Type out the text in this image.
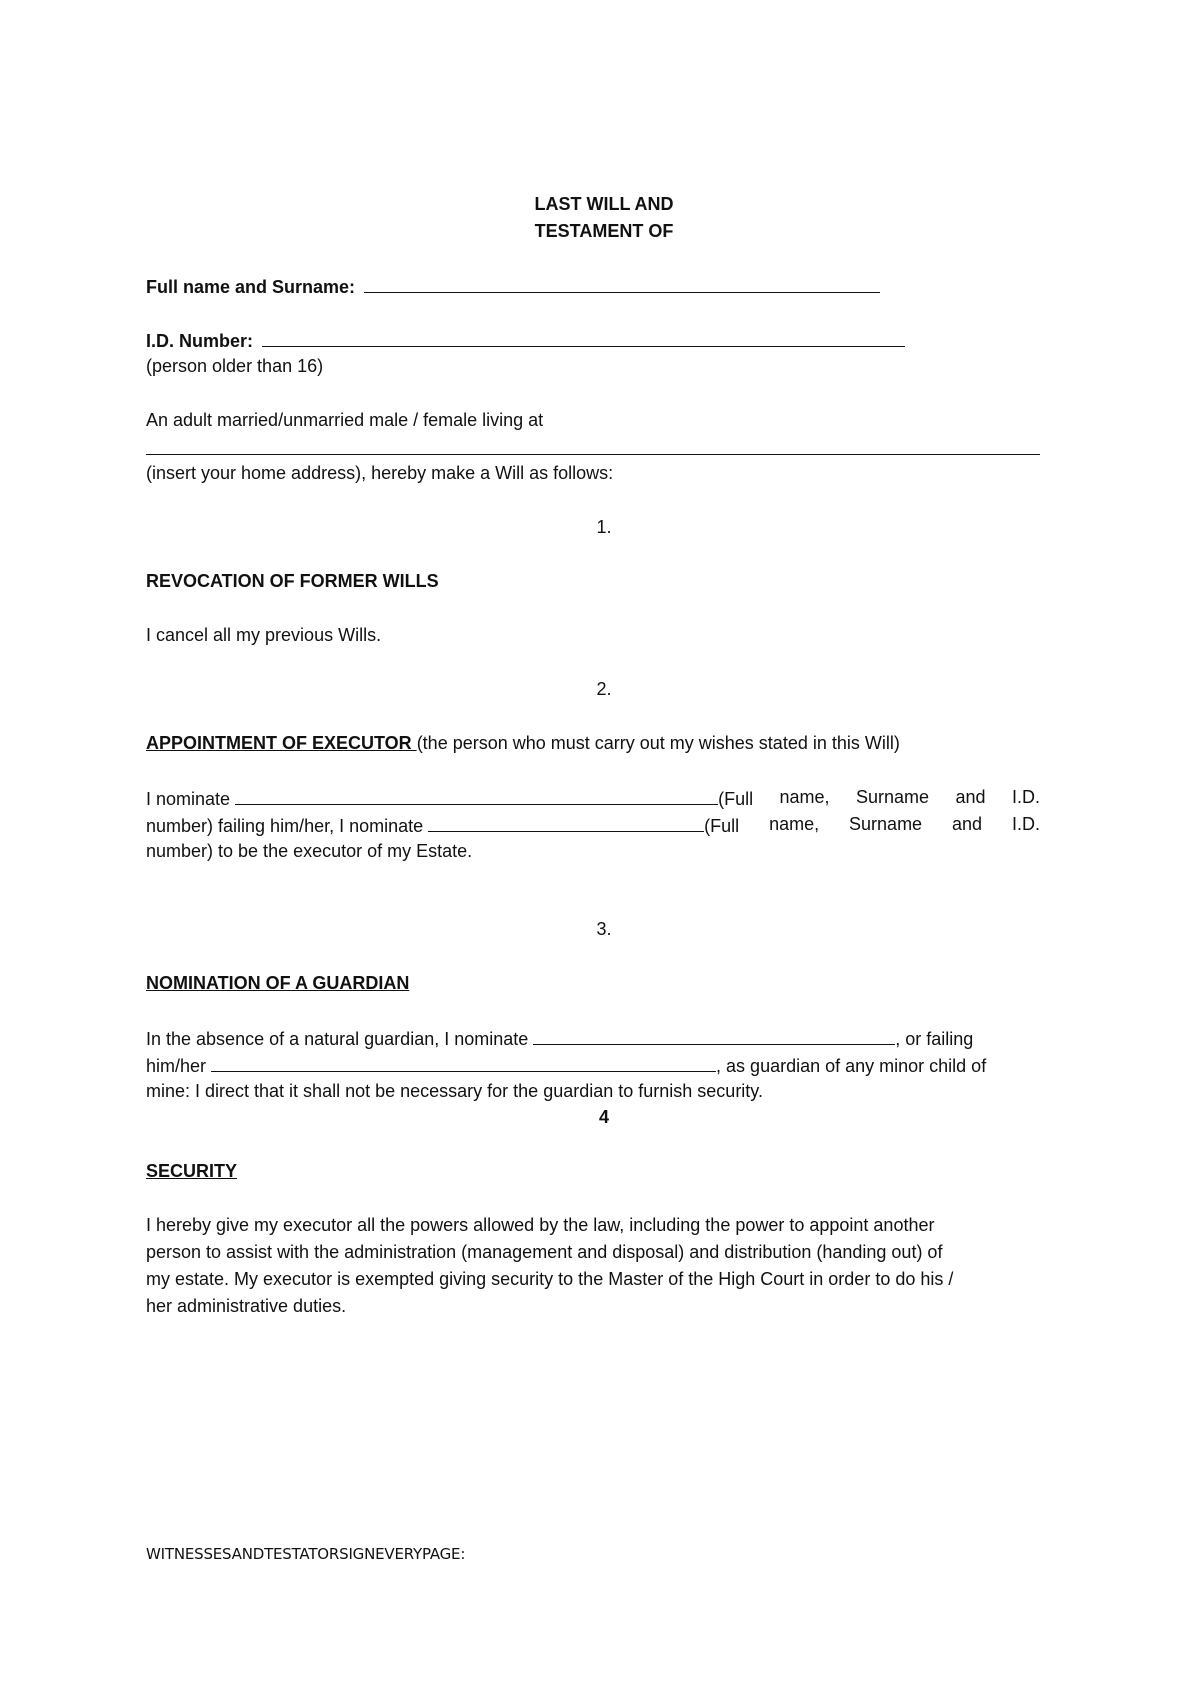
LAST WILL AND
TESTAMENT OF
Full name and Surname:
I.D. Number:
(person older than 16)
An adult married/unmarried male / female living at
(insert your home address), hereby make a Will as follows:
1.
REVOCATION OF FORMER WILLS
I cancel all my previous Wills.
2.
APPOINTMENT OF EXECUTOR (the person who must carry out my wishes stated in this Will)
I nominate	(Full name, Surname and I.D.
number) failing him/her, I nominate	(Full name, Surname and I.D.
number) to be the executor of my Estate.
3.
NOMINATION OF A GUARDIAN
In the absence of a natural guardian, I nominate	, or failing
him/her	, as guardian of any minor child of
mine: I direct that it shall not be necessary for the guardian to furnish security.
4
SECURITY
I hereby give my executor all the powers allowed by the law, including the power to appoint another
person to assist with the administration (management and disposal) and distribution (handing out) of
my estate. My executor is exempted giving security to the Master of the High Court in order to do his /
her administrative duties.
WITNESSESANDTESTATORSIGNEVERYPAGE:
